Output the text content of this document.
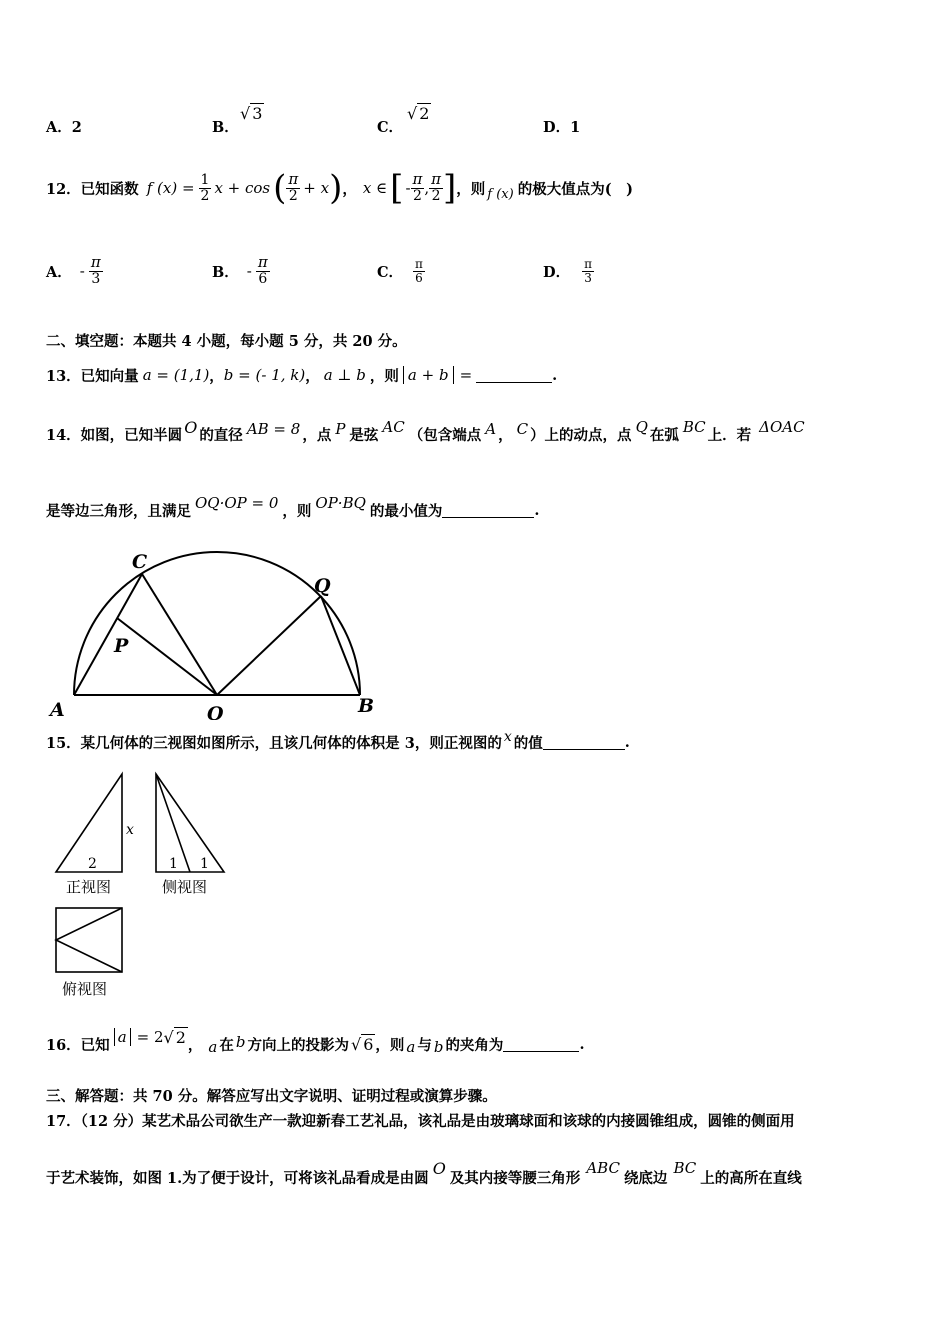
A．2	B．
√ 3
C．
√ 2
D．1
12．已知函数 f $(x) = \frac{1}{2}$ x + cos ( $\frac{\pi}{2} + x$ ) ， x ∈ [ - $\frac{\pi}{2}$ , $\frac{\pi}{2}$ ] ，则 f (x) 的极大值点为(　)
A． - $\frac{\pi}{3}$	B． - $\frac{\pi}{6}$	C． $\frac{\pi}{6}$	D． $\frac{\pi}{3}$
二、填空题：本题共 4 小题，每小题 5 分，共 20 分。
13．已知向量 a = (1,1) ， b = (- 1, k) ， a ⊥ b ，则 a + b =	.
14．如图，已知半圆 O 的直径 AB = 8 ，点 P 是弦 AC （包含端点 A ， C ）上的动点，点 Q 在弧 BC 上．若 ΔOAC
是等边三角形，且满足 OQ·OP = 0 ，则 OP·BQ 的最小值为	.
C
Q
P
A	O	B
15．某几何体的三视图如图所示，且该几何体的体积是 3，则正视图的 x 的值	.
2
x
正视图
1 1
侧视图
俯视图
16．已知 a = 2 √ 2 ， a 在 b 方向上的投影为 √ 6 ，则 a 与 b 的夹角为	.
三、解答题：共 70 分。解答应写出文字说明、证明过程或演算步骤。
17．（12 分）某艺术品公司欲生产一款迎新春工艺礼品，该礼品是由玻璃球面和该球的内接圆锥组成，圆锥的侧面用
于艺术装饰，如图 1.为了便于设计，可将该礼品看成是由圆
O
及其内接等腰三角形
ABC
绕底边
BC
上的高所在直线
